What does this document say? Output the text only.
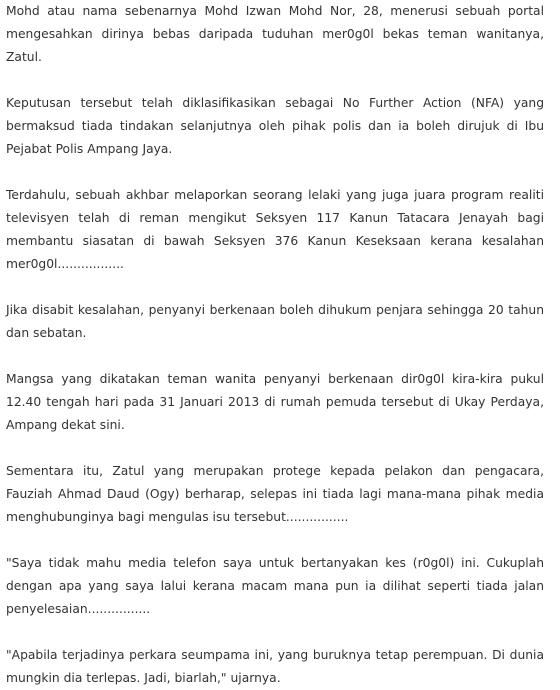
Mohd atau nama sebenarnya Mohd Izwan Mohd Nor, 28, menerusi sebuah portal mengesahkan dirinya bebas daripada tuduhan mer0g0l bekas teman wanitanya, Zatul.

Keputusan tersebut telah diklasifikasikan sebagai No Further Action (NFA) yang bermaksud tiada tindakan selanjutnya oleh pihak polis dan ia boleh dirujuk di Ibu Pejabat Polis Ampang Jaya.

Terdahulu, sebuah akhbar melaporkan seorang lelaki yang juga juara program realiti televisyen telah di reman mengikut Seksyen 117 Kanun Tatacara Jenayah bagi membantu siasatan di bawah Seksyen 376 Kanun Keseksaan kerana kesalahan mer0g0l.................

Jika disabit kesalahan, penyanyi berkenaan boleh dihukum penjara sehingga 20 tahun dan sebatan.

Mangsa yang dikatakan teman wanita penyanyi berkenaan dir0g0l kira-kira pukul 12.40 tengah hari pada 31 Januari 2013 di rumah pemuda tersebut di Ukay Perdaya, Ampang dekat sini.

Sementara itu, Zatul yang merupakan protege kepada pelakon dan pengacara, Fauziah Ahmad Daud (Ogy) berharap, selepas ini tiada lagi mana-mana pihak media menghubunginya bagi mengulas isu tersebut................

"Saya tidak mahu media telefon saya untuk bertanyakan kes (r0g0l) ini. Cukuplah dengan apa yang saya lalui kerana macam mana pun ia dilihat seperti tiada jalan penyelesaian................

"Apabila terjadinya perkara seumpama ini, yang buruknya tetap perempuan. Di dunia mungkin dia terlepas. Jadi, biarlah," ujarnya.
